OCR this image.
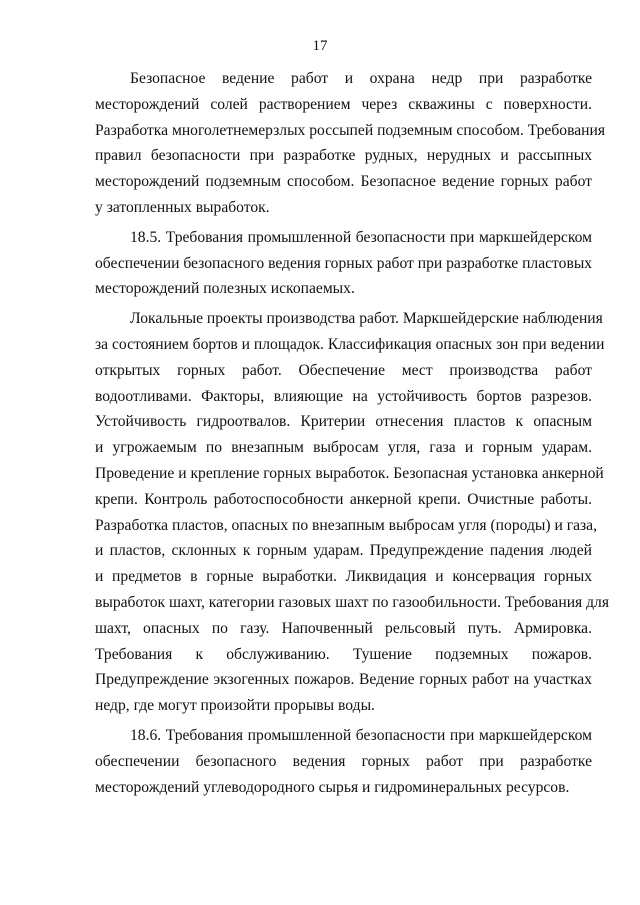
17
Безопасное ведение работ и охрана недр при разработке
месторождений солей растворением через скважины с поверхности.
Разработка многолетнемерзлых россыпей подземным способом. Требования
правил безопасности при разработке рудных, нерудных и рассыпных
месторождений подземным способом. Безопасное ведение горных работ
у затопленных выработок.
18.5. Требования промышленной безопасности при маркшейдерском
обеспечении безопасного ведения горных работ при разработке пластовых
месторождений полезных ископаемых.
Локальные проекты производства работ. Маркшейдерские наблюдения
за состоянием бортов и площадок. Классификация опасных зон при ведении
открытых горных работ. Обеспечение мест производства работ
водоотливами. Факторы, влияющие на устойчивость бортов разрезов.
Устойчивость гидроотвалов. Критерии отнесения пластов к опасным
и угрожаемым по внезапным выбросам угля, газа и горным ударам.
Проведение и крепление горных выработок. Безопасная установка анкерной
крепи. Контроль работоспособности анкерной крепи. Очистные работы.
Разработка пластов, опасных по внезапным выбросам угля (породы) и газа,
и пластов, склонных к горным ударам. Предупреждение падения людей
и предметов в горные выработки. Ликвидация и консервация горных
выработок шахт, категории газовых шахт по газообильности. Требования для
шахт, опасных по газу. Напочвенный рельсовый путь. Армировка.
Требования к обслуживанию. Тушение подземных пожаров.
Предупреждение экзогенных пожаров. Ведение горных работ на участках
недр, где могут произойти прорывы воды.
18.6. Требования промышленной безопасности при маркшейдерском
обеспечении безопасного ведения горных работ при разработке
месторождений углеводородного сырья и гидроминеральных ресурсов.
